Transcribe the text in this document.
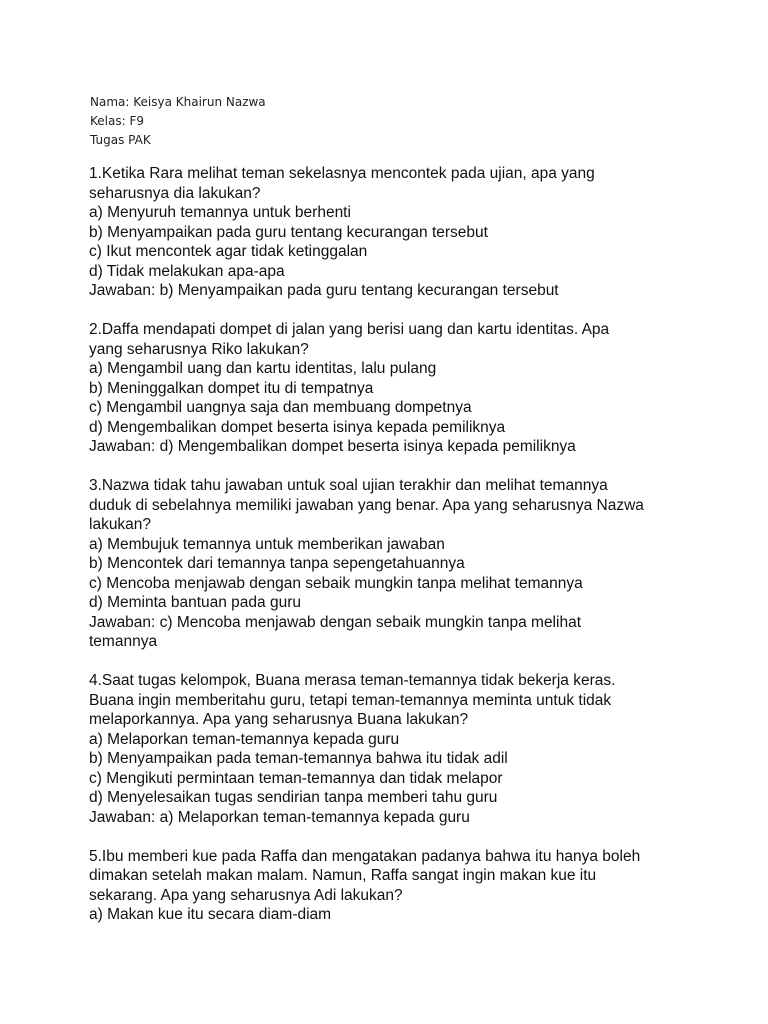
Nama: Keisya Khairun Nazwa
Kelas: F9
Tugas PAK
1.Ketika Rara melihat teman sekelasnya mencontek pada ujian, apa yang
seharusnya dia lakukan?
a) Menyuruh temannya untuk berhenti
b) Menyampaikan pada guru tentang kecurangan tersebut
c) Ikut mencontek agar tidak ketinggalan
d) Tidak melakukan apa-apa
Jawaban: b) Menyampaikan pada guru tentang kecurangan tersebut
2.Daffa mendapati dompet di jalan yang berisi uang dan kartu identitas. Apa
yang seharusnya Riko lakukan?
a) Mengambil uang dan kartu identitas, lalu pulang
b) Meninggalkan dompet itu di tempatnya
c) Mengambil uangnya saja dan membuang dompetnya
d) Mengembalikan dompet beserta isinya kepada pemiliknya
Jawaban: d) Mengembalikan dompet beserta isinya kepada pemiliknya
3.Nazwa tidak tahu jawaban untuk soal ujian terakhir dan melihat temannya
duduk di sebelahnya memiliki jawaban yang benar. Apa yang seharusnya Nazwa
lakukan?
a) Membujuk temannya untuk memberikan jawaban
b) Mencontek dari temannya tanpa sepengetahuannya
c) Mencoba menjawab dengan sebaik mungkin tanpa melihat temannya
d) Meminta bantuan pada guru
Jawaban: c) Mencoba menjawab dengan sebaik mungkin tanpa melihat
temannya
4.Saat tugas kelompok, Buana merasa teman-temannya tidak bekerja keras.
Buana ingin memberitahu guru, tetapi teman-temannya meminta untuk tidak
melaporkannya. Apa yang seharusnya Buana lakukan?
a) Melaporkan teman-temannya kepada guru
b) Menyampaikan pada teman-temannya bahwa itu tidak adil
c) Mengikuti permintaan teman-temannya dan tidak melapor
d) Menyelesaikan tugas sendirian tanpa memberi tahu guru
Jawaban: a) Melaporkan teman-temannya kepada guru
5.Ibu memberi kue pada Raffa dan mengatakan padanya bahwa itu hanya boleh
dimakan setelah makan malam. Namun, Raffa sangat ingin makan kue itu
sekarang. Apa yang seharusnya Adi lakukan?
a) Makan kue itu secara diam-diam
